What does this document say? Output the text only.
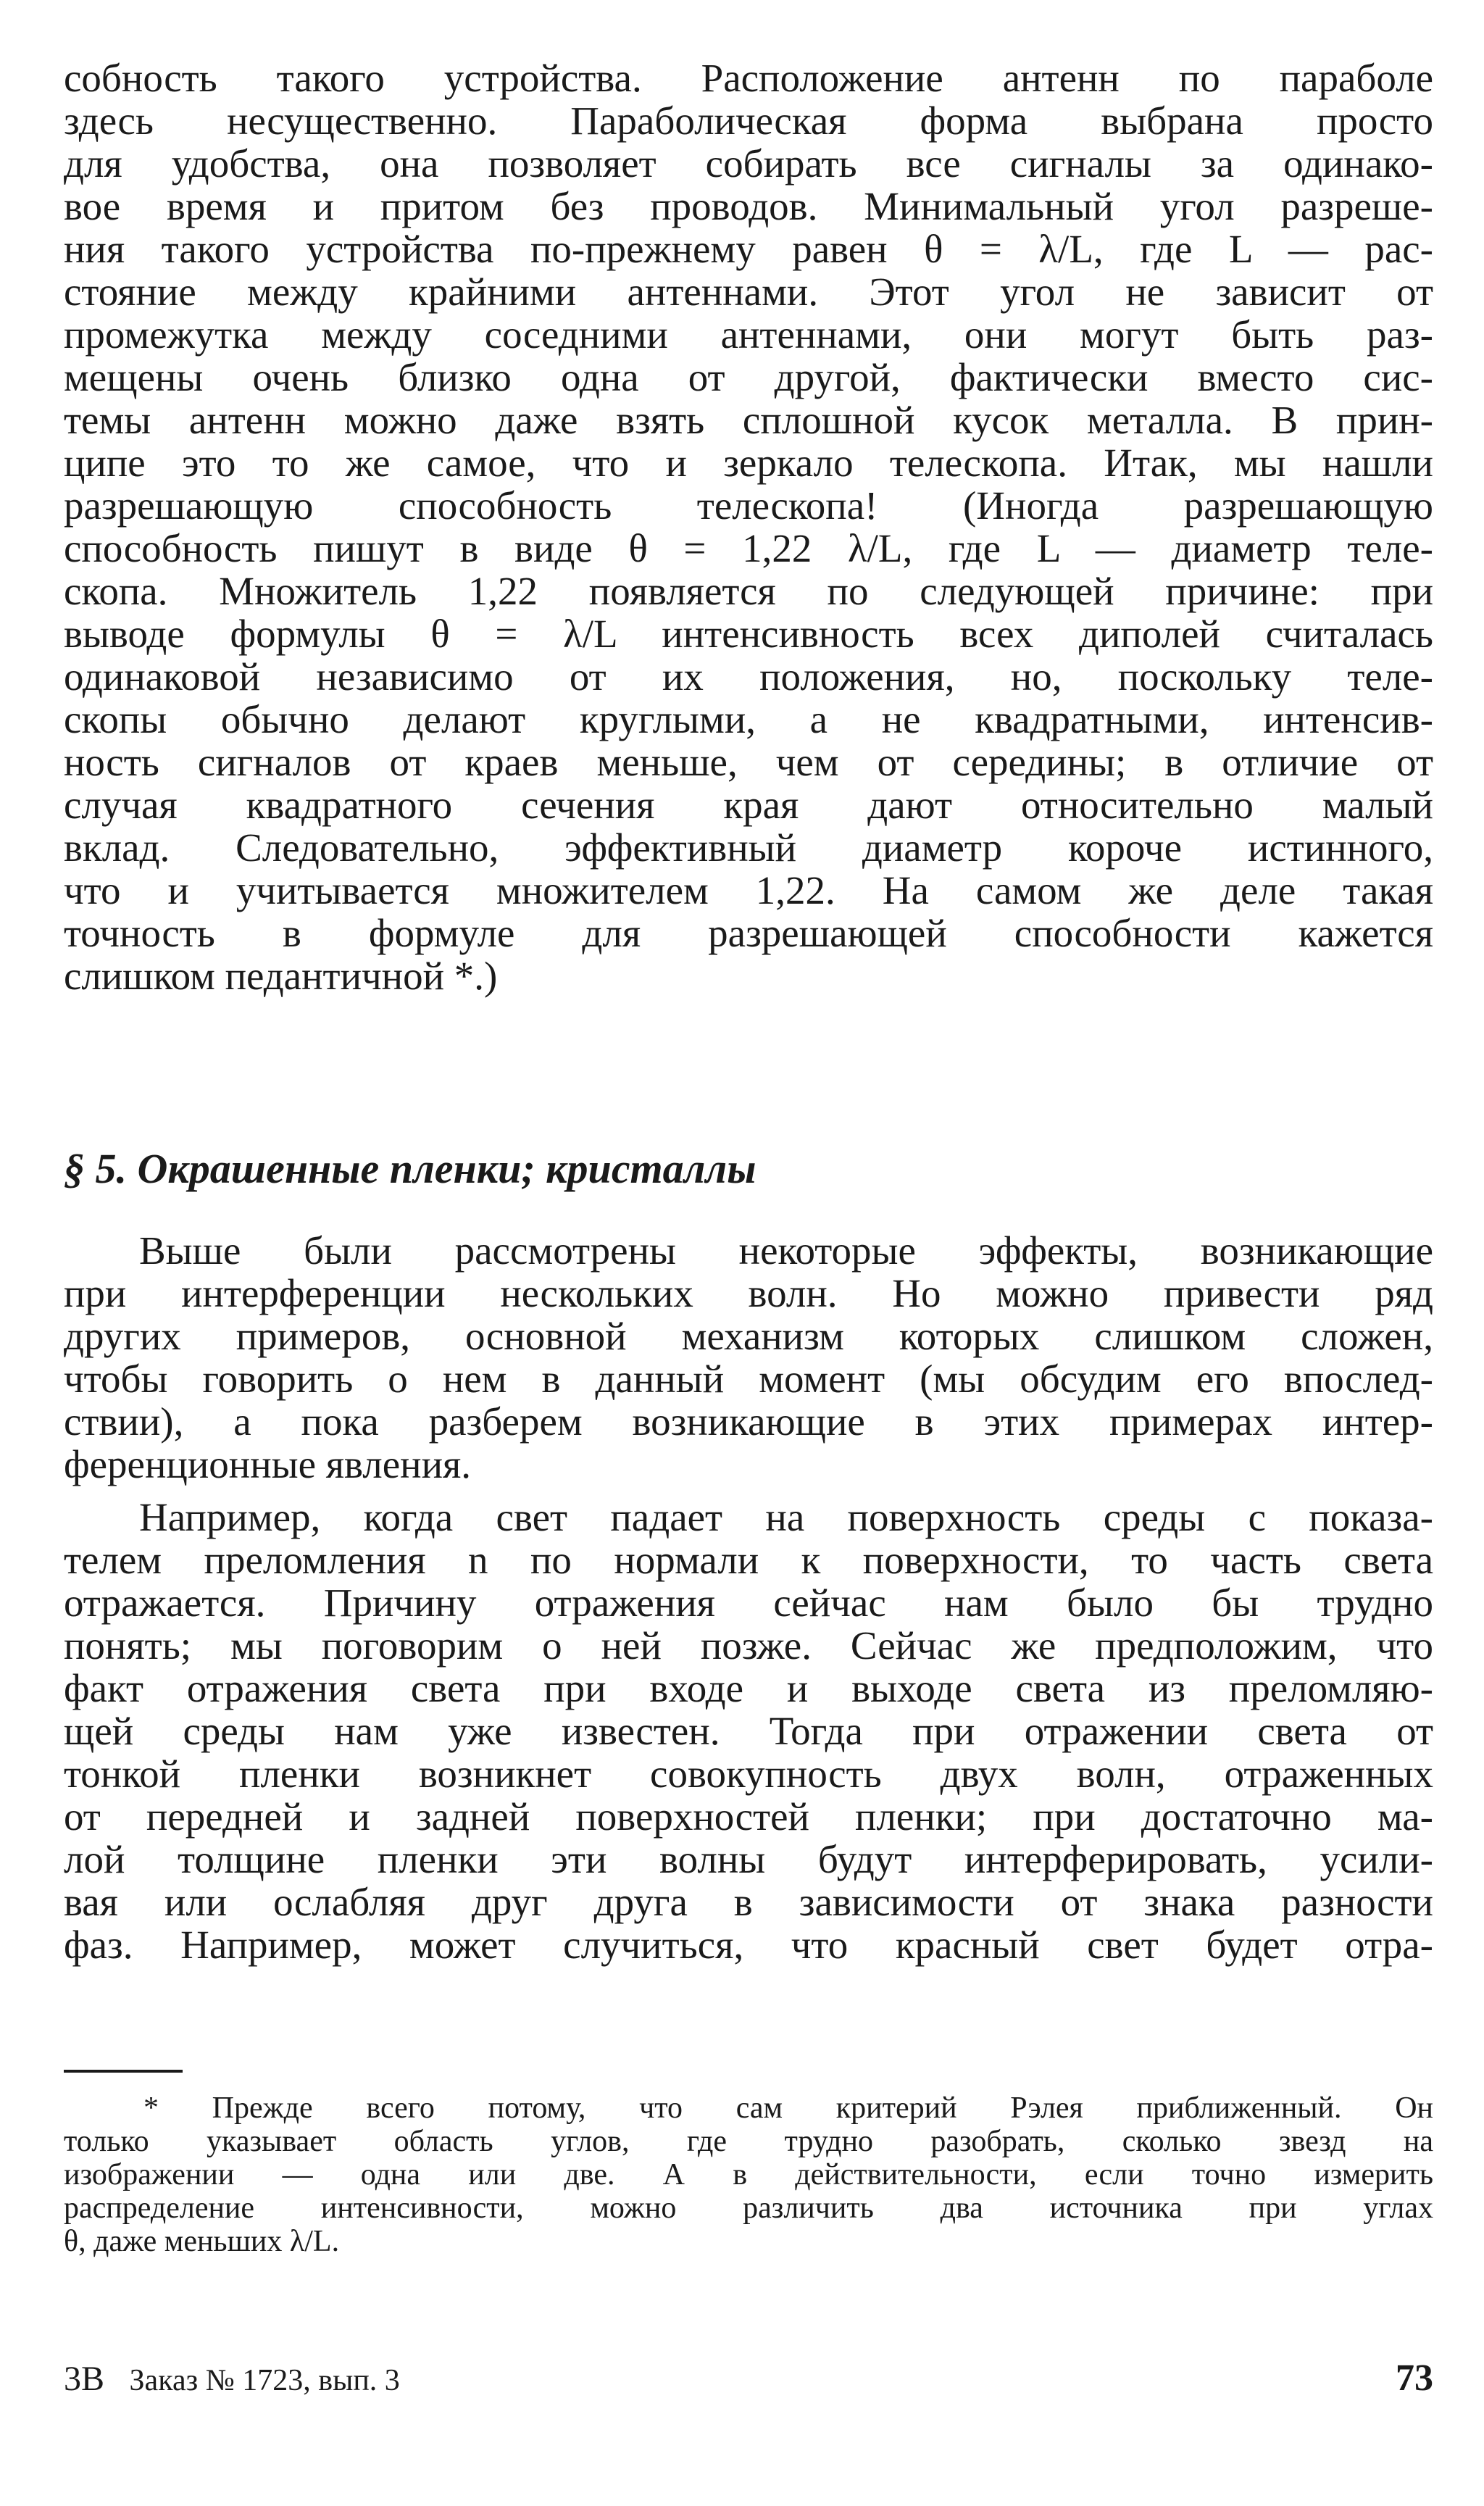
собность такого устройства. Расположение антенн по параболе
здесь несущественно. Параболическая форма выбрана просто
для удобства, она позволяет собирать все сигналы за одинако-
вое время и притом без проводов. Минимальный угол разреше-
ния такого устройства по-прежнему равен θ = λ/L, где L — рас-
стояние между крайними антеннами. Этот угол не зависит от
промежутка между соседними антеннами, они могут быть раз-
мещены очень близко одна от другой, фактически вместо сис-
темы антенн можно даже взять сплошной кусок металла. В прин-
ципе это то же самое, что и зеркало телескопа. Итак, мы нашли
разрешающую способность телескопа! (Иногда разрешающую
способность пишут в виде θ = 1,22 λ/L, где L — диаметр теле-
скопа. Множитель 1,22 появляется по следующей причине: при
выводе формулы θ = λ/L интенсивность всех диполей считалась
одинаковой независимо от их положения, но, поскольку теле-
скопы обычно делают круглыми, а не квадратными, интенсив-
ность сигналов от краев меньше, чем от середины; в отличие от
случая квадратного сечения края дают относительно малый
вклад. Следовательно, эффективный диаметр короче истинного,
что и учитывается множителем 1,22. На самом же деле такая
точность в формуле для разрешающей способности кажется
слишком педантичной *.)
§ 5. Окрашенные пленки; кристаллы
Выше были рассмотрены некоторые эффекты, возникающие
при интерференции нескольких волн. Но можно привести ряд
других примеров, основной механизм которых слишком сложен,
чтобы говорить о нем в данный момент (мы обсудим его впослед-
ствии), а пока разберем возникающие в этих примерах интер-
ференционные явления.
Например, когда свет падает на поверхность среды с показа-
телем преломления n по нормали к поверхности, то часть света
отражается. Причину отражения сейчас нам было бы трудно
понять; мы поговорим о ней позже. Сейчас же предположим, что
факт отражения света при входе и выходе света из преломляю-
щей среды нам уже известен. Тогда при отражении света от
тонкой пленки возникнет совокупность двух волн, отраженных
от передней и задней поверхностей пленки; при достаточно ма-
лой толщине пленки эти волны будут интерферировать, усили-
вая или ослабляя друг друга в зависимости от знака разности
фаз. Например, может случиться, что красный свет будет отра-
* Прежде всего потому, что сам критерий Рэлея приближенный. Он
только указывает область углов, где трудно разобрать, сколько звезд на
изображении — одна или две. А в действительности, если точно измерить
распределение интенсивности, можно различить два источника при углах
θ, даже меньших λ/L.
3В Заказ № 1723, вып. 3	73
